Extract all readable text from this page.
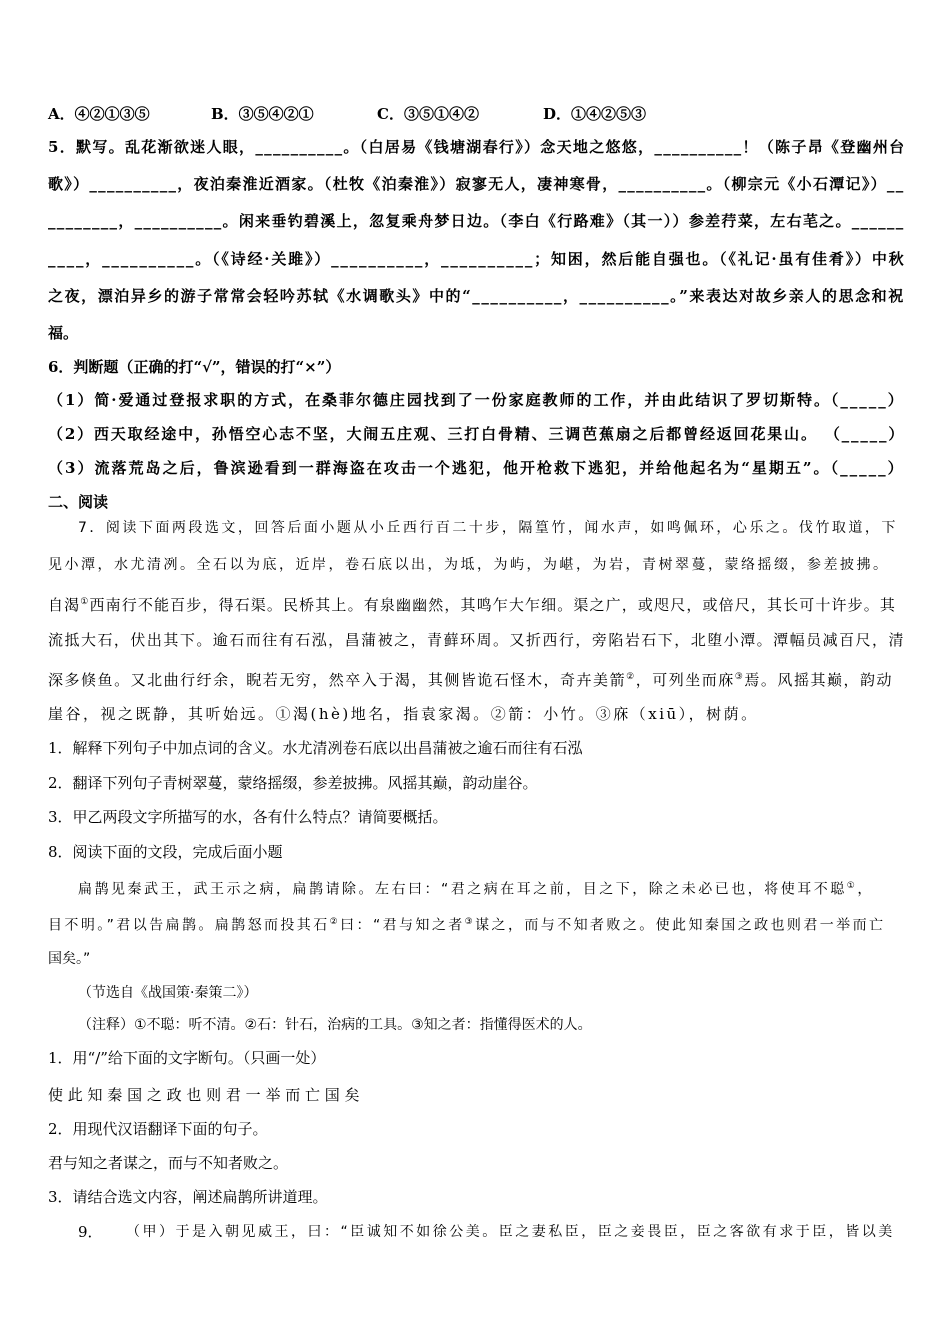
A．④②①③⑤	B．③⑤④②①	C．③⑤①④②	D．①④②⑤③
5．默写。乱花渐欲迷人眼，__________。（白居易《钱塘湖春行》）念天地之悠悠，__________！（陈子昂《登幽州台
歌》）__________，夜泊秦淮近酒家。（杜牧《泊秦淮》）寂寥无人，凄神寒骨，__________。（柳宗元《小石潭记》）__
________，__________。闲来垂钓碧溪上，忽复乘舟梦日边。（李白《行路难》（其一））参差荇菜，左右芼之。______
____，__________。（《诗经·关雎》）__________，__________；知困，然后能自强也。（《礼记·虽有佳肴》）中秋
之夜，漂泊异乡的游子常常会轻吟苏轼《水调歌头》中的“__________，__________。”来表达对故乡亲人的思念和祝
福。
6．判断题（正确的打“√”，错误的打“×”）
（1）简·爱通过登报求职的方式，在桑菲尔德庄园找到了一份家庭教师的工作，并由此结识了罗切斯特。（_____）
（2）西天取经途中，孙悟空心志不坚，大闹五庄观、三打白骨精、三调芭蕉扇之后都曾经返回花果山。 （_____）
（3）流落荒岛之后，鲁滨逊看到一群海盗在攻击一个逃犯，他开枪救下逃犯，并给他起名为“星期五”。（_____）
二、阅读
7．阅读下面两段选文，回答后面小题从小丘西行百二十步，隔篁竹，闻水声，如鸣佩环，心乐之。伐竹取道，下
见小潭，水尤清冽。全石以为底，近岸，卷石底以出，为坻，为屿，为嵁，为岩，青树翠蔓，蒙络摇缀，参差披拂。
自渴①西南行不能百步，得石渠。民桥其上。有泉幽幽然，其鸣乍大乍细。渠之广，或咫尺，或倍尺，其长可十许步。其
流抵大石，伏出其下。逾石而往有石泓，昌蒲被之，青藓环周。又折西行，旁陷岩石下，北堕小潭。潭幅员减百尺，清
深多倏鱼。又北曲行纡余，睨若无穷，然卒入于渴，其侧皆诡石怪木，奇卉美箭②，可列坐而庥③焉。风摇其巅，韵动
崖谷，视之既静，其听始远。①渴(hè)地名，指袁家渴。②箭：小竹。③庥（xiū），树荫。
1．解释下列句子中加点词的含义。水尤清冽卷石底以出昌蒲被之逾石而往有石泓
2．翻译下列句子青树翠蔓，蒙络摇缀，参差披拂。风摇其巅，韵动崖谷。
3．甲乙两段文字所描写的水，各有什么特点？请简要概括。
8．阅读下面的文段，完成后面小题
扁鹊见秦武王，武王示之病，扁鹊请除。左右曰：“君之病在耳之前，目之下，除之未必已也，将使耳不聪①，
目不明。”君以告扁鹊。扁鹊怒而投其石②曰：“君与知之者③谋之，而与不知者败之。使此知秦国之政也则君一举而亡
国矣。”
（节选自《战国策·秦策二》）
（注释）①不聪：听不清。②石：针石，治病的工具。③知之者：指懂得医术的人。
1．用“/”给下面的文字断句。（只画一处）
使 此 知 秦 国 之 政 也 则 君 一 举 而 亡 国 矣
2．用现代汉语翻译下面的句子。
君与知之者谋之，而与不知者败之。
3．请结合选文内容，阐述扁鹊所讲道理。
9． （甲）于是入朝见威王，曰：“臣诚知不如徐公美。臣之妻私臣，臣之妾畏臣，臣之客欲有求于臣，皆以美
